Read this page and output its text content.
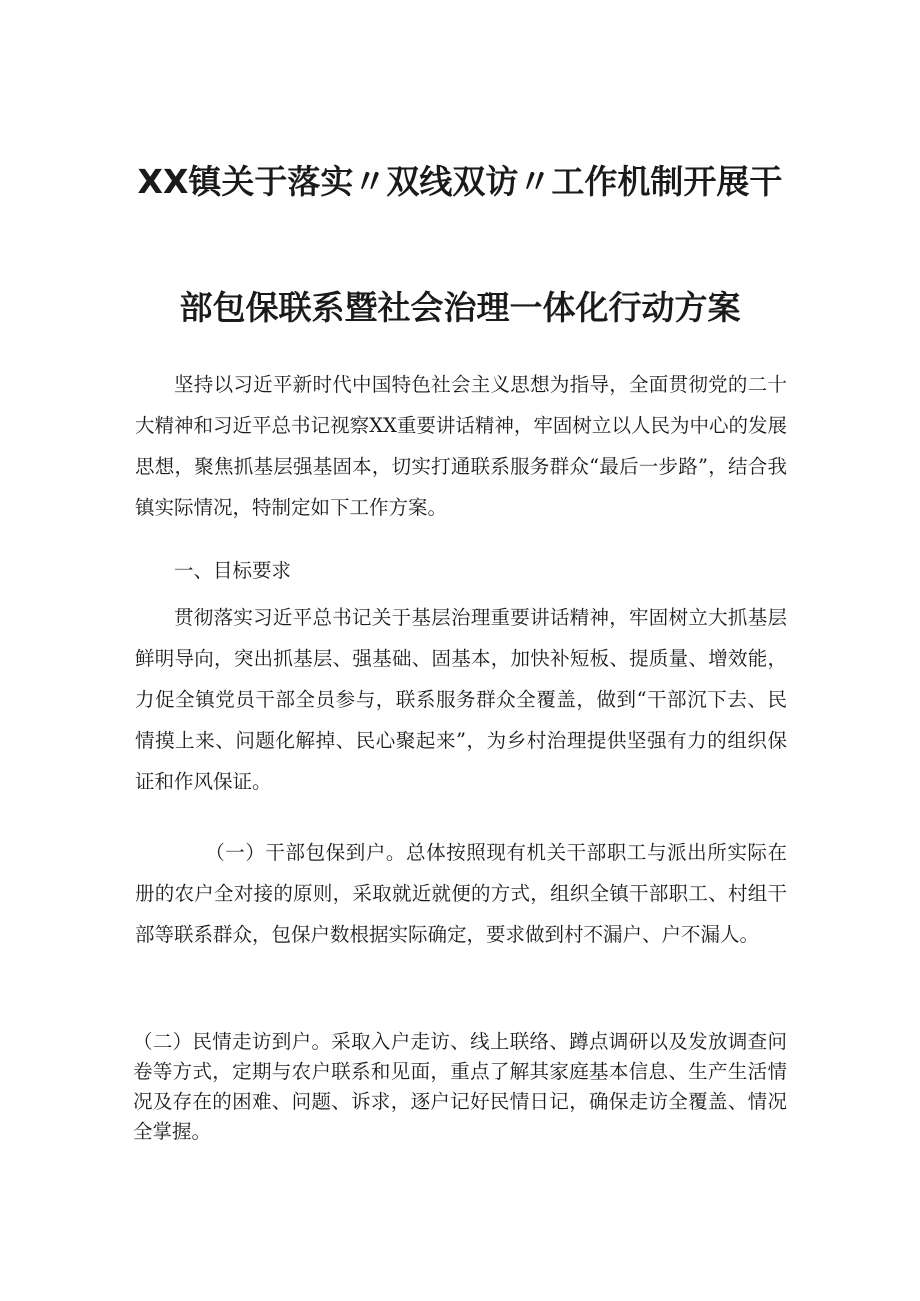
XX镇关于落实〃双线双访〃工作机制开展干
部包保联系暨社会治理一体化行动方案

坚持以习近平新时代中国特色社会主义思想为指导，全面贯彻党的二十大精神和习近平总书记视察XX重要讲话精神，牢固树立以人民为中心的发展思想，聚焦抓基层强基固本，切实打通联系服务群众“最后一步路”，结合我镇实际情况，特制定如下工作方案。

一、目标要求

贯彻落实习近平总书记关于基层治理重要讲话精神，牢固树立大抓基层鲜明导向，突出抓基层、强基础、固基本，加快补短板、提质量、增效能，力促全镇党员干部全员参与，联系服务群众全覆盖，做到“干部沉下去、民情摸上来、问题化解掉、民心聚起来”，为乡村治理提供坚强有力的组织保证和作风保证。

（一）干部包保到户。总体按照现有机关干部职工与派出所实际在册的农户全对接的原则，采取就近就便的方式，组织全镇干部职工、村组干部等联系群众，包保户数根据实际确定，要求做到村不漏户、户不漏人。

（二）民情走访到户。采取入户走访、线上联络、蹲点调研以及发放调查问卷等方式，定期与农户联系和见面，重点了解其家庭基本信息、生产生活情况及存在的困难、问题、诉求，逐户记好民情日记，确保走访全覆盖、情况全掌握。
